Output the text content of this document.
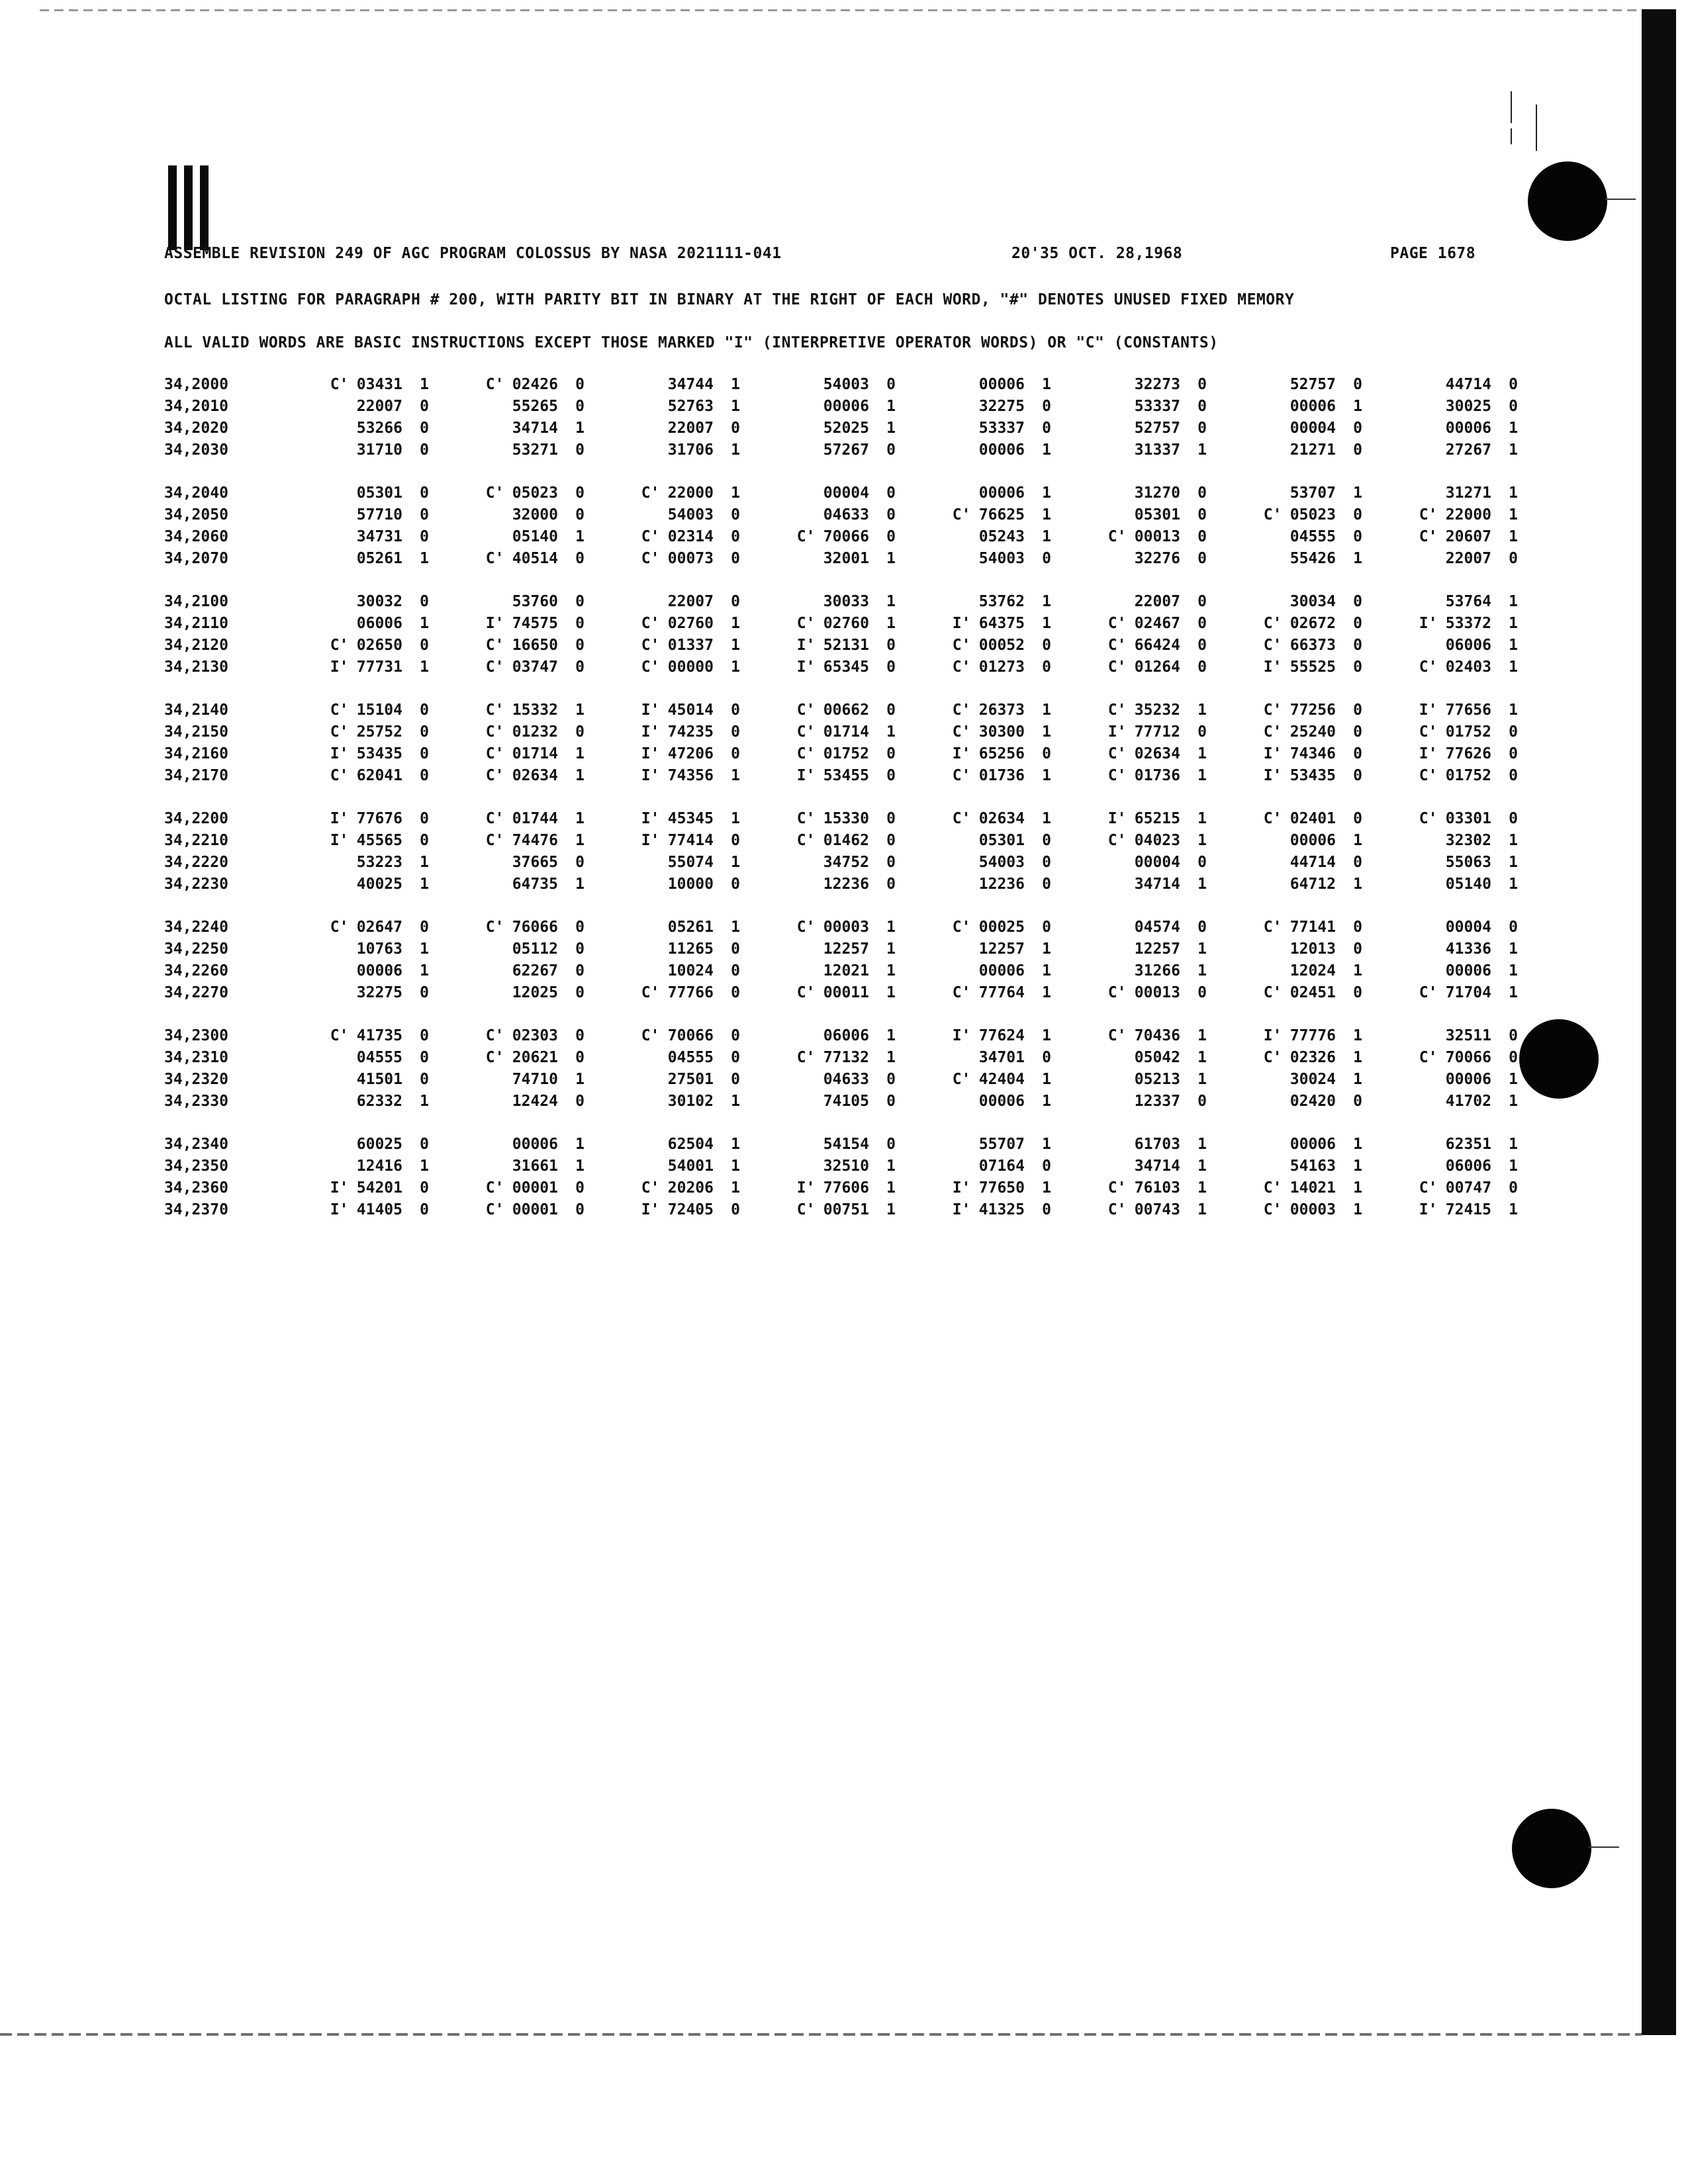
ASSEMBLE REVISION 249 OF AGC PROGRAM COLOSSUS BY NASA 2021111-041	20'35 OCT. 28,1968	PAGE 1678
OCTAL LISTING FOR PARAGRAPH # 200, WITH PARITY BIT IN BINARY AT THE RIGHT OF EACH WORD, "#" DENOTES UNUSED FIXED MEMORY
ALL VALID WORDS ARE BASIC INSTRUCTIONS EXCEPT THOSE MARKED "I" (INTERPRETIVE OPERATOR WORDS) OR "C" (CONSTANTS)
34,2000	C' 03431 1	C' 02426 0	34744 1	54003 0	00006 1	32273 0	52757 0	44714 0
34,2010	22007 0	55265 0	52763 1	00006 1	32275 0	53337 0	00006 1	30025 0
34,2020	53266 0	34714 1	22007 0	52025 1	53337 0	52757 0	00004 0	00006 1
34,2030	31710 0	53271 0	31706 1	57267 0	00006 1	31337 1	21271 0	27267 1
34,2040	05301 0	C' 05023 0	C' 22000 1	00004 0	00006 1	31270 0	53707 1	31271 1
34,2050	57710 0	32000 0	54003 0	04633 0	C' 76625 1	05301 0	C' 05023 0	C' 22000 1
34,2060	34731 0	05140 1	C' 02314 0	C' 70066 0	05243 1	C' 00013 0	04555 0	C' 20607 1
34,2070	05261 1	C' 40514 0	C' 00073 0	32001 1	54003 0	32276 0	55426 1	22007 0
34,2100	30032 0	53760 0	22007 0	30033 1	53762 1	22007 0	30034 0	53764 1
34,2110	06006 1	I' 74575 0	C' 02760 1	C' 02760 1	I' 64375 1	C' 02467 0	C' 02672 0	I' 53372 1
34,2120	C' 02650 0	C' 16650 0	C' 01337 1	I' 52131 0	C' 00052 0	C' 66424 0	C' 66373 0	06006 1
34,2130	I' 77731 1	C' 03747 0	C' 00000 1	I' 65345 0	C' 01273 0	C' 01264 0	I' 55525 0	C' 02403 1
34,2140	C' 15104 0	C' 15332 1	I' 45014 0	C' 00662 0	C' 26373 1	C' 35232 1	C' 77256 0	I' 77656 1
34,2150	C' 25752 0	C' 01232 0	I' 74235 0	C' 01714 1	C' 30300 1	I' 77712 0	C' 25240 0	C' 01752 0
34,2160	I' 53435 0	C' 01714 1	I' 47206 0	C' 01752 0	I' 65256 0	C' 02634 1	I' 74346 0	I' 77626 0
34,2170	C' 62041 0	C' 02634 1	I' 74356 1	I' 53455 0	C' 01736 1	C' 01736 1	I' 53435 0	C' 01752 0
34,2200	I' 77676 0	C' 01744 1	I' 45345 1	C' 15330 0	C' 02634 1	I' 65215 1	C' 02401 0	C' 03301 0
34,2210	I' 45565 0	C' 74476 1	I' 77414 0	C' 01462 0	05301 0	C' 04023 1	00006 1	32302 1
34,2220	53223 1	37665 0	55074 1	34752 0	54003 0	00004 0	44714 0	55063 1
34,2230	40025 1	64735 1	10000 0	12236 0	12236 0	34714 1	64712 1	05140 1
34,2240	C' 02647 0	C' 76066 0	05261 1	C' 00003 1	C' 00025 0	04574 0	C' 77141 0	00004 0
34,2250	10763 1	05112 0	11265 0	12257 1	12257 1	12257 1	12013 0	41336 1
34,2260	00006 1	62267 0	10024 0	12021 1	00006 1	31266 1	12024 1	00006 1
34,2270	32275 0	12025 0	C' 77766 0	C' 00011 1	C' 77764 1	C' 00013 0	C' 02451 0	C' 71704 1
34,2300	C' 41735 0	C' 02303 0	C' 70066 0	06006 1	I' 77624 1	C' 70436 1	I' 77776 1	32511 0
34,2310	04555 0	C' 20621 0	04555 0	C' 77132 1	34701 0	05042 1	C' 02326 1	C' 70066 0
34,2320	41501 0	74710 1	27501 0	04633 0	C' 42404 1	05213 1	30024 1	00006 1
34,2330	62332 1	12424 0	30102 1	74105 0	00006 1	12337 0	02420 0	41702 1
34,2340	60025 0	00006 1	62504 1	54154 0	55707 1	61703 1	00006 1	62351 1
34,2350	12416 1	31661 1	54001 1	32510 1	07164 0	34714 1	54163 1	06006 1
34,2360	I' 54201 0	C' 00001 0	C' 20206 1	I' 77606 1	I' 77650 1	C' 76103 1	C' 14021 1	C' 00747 0
34,2370	I' 41405 0	C' 00001 0	I' 72405 0	C' 00751 1	I' 41325 0	C' 00743 1	C' 00003 1	I' 72415 1
